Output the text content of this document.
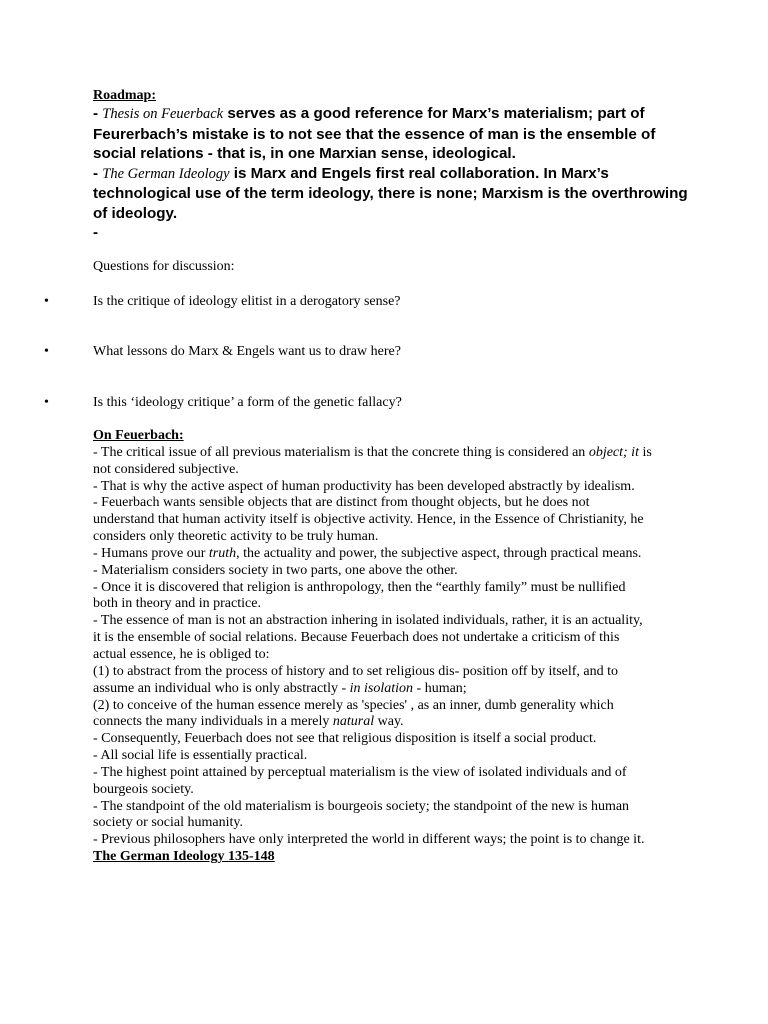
Roadmap:
- Thesis on Feuerback serves as a good reference for Marx’s materialism; part of Feurerbach’s mistake is to not see that the essence of man is the ensemble of social relations - that is, in one Marxian sense, ideological.
- The German Ideology is Marx and Engels first real collaboration. In Marx’s technological use of the term ideology, there is none; Marxism is the overthrowing of ideology.
-
Questions for discussion:
•	Is the critique of ideology elitist in a derogatory sense?
•	What lessons do Marx & Engels want us to draw here?
•	Is this ‘ideology critique’ a form of the genetic fallacy?

On Feuerbach:

- The critical issue of all previous materialism is that the concrete thing is considered an object; it is not considered subjective.

- That is why the active aspect of human productivity has been developed abstractly by idealism.

- Feuerbach wants sensible objects that are distinct from thought objects, but he does not understand that human activity itself is objective activity. Hence, in the Essence of Christianity, he considers only theoretic activity to be truly human.

- Humans prove our truth, the actuality and power, the subjective aspect, through practical means.

- Materialism considers society in two parts, one above the other.

- Once it is discovered that religion is anthropology, then the “earthly family” must be nullified both in theory and in practice.

- The essence of man is not an abstraction inhering in isolated individuals, rather, it is an actuality, it is the ensemble of social relations. Because Feuerbach does not undertake a criticism of this actual essence, he is obliged to:

(1) to abstract from the process of history and to set religious dis- position off by itself, and to assume an individual who is only abstractly - in isolation - human;

(2) to conceive of the human essence merely as 'species' , as an inner, dumb generality which connects the many individuals in a merely natural way.

- Consequently, Feuerbach does not see that religious disposition is itself a social product.

- All social life is essentially practical.

- The highest point attained by perceptual materialism is the view of isolated individuals and of bourgeois society.

- The standpoint of the old materialism is bourgeois society; the standpoint of the new is human society or social humanity.

- Previous philosophers have only interpreted the world in different ways; the point is to change it.

The German Ideology 135-148
